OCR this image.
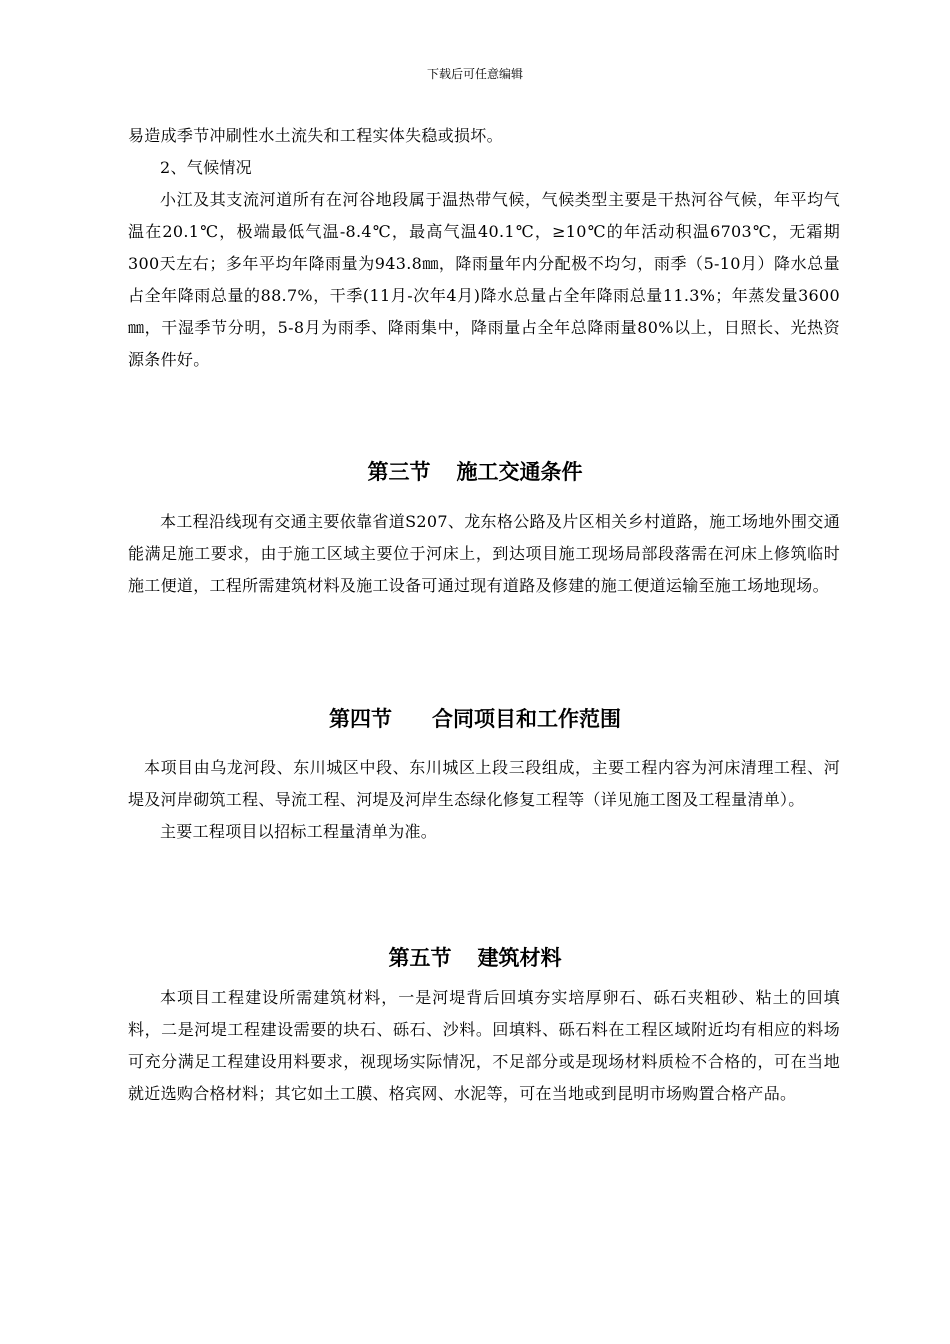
下载后可任意编辑

易造成季节冲刷性水土流失和工程实体失稳或损坏。

2、气候情况

小江及其支流河道所有在河谷地段属于温热带气候，气候类型主要是干热河谷气候，年平均气温在20.1℃，极端最低气温-8.4℃，最高气温40.1℃，≥10℃的年活动积温6703℃，无霜期300天左右；多年平均年降雨量为943.8㎜，降雨量年内分配极不均匀，雨季（5-10月）降水总量占全年降雨总量的88.7%，干季(11月-次年4月)降水总量占全年降雨总量11.3%；年蒸发量3600㎜，干湿季节分明，5-8月为雨季、降雨集中，降雨量占全年总降雨量80%以上，日照长、光热资源条件好。

第三节 施工交通条件

本工程沿线现有交通主要依靠省道S207、龙东格公路及片区相关乡村道路，施工场地外围交通能满足施工要求，由于施工区域主要位于河床上，到达项目施工现场局部段落需在河床上修筑临时施工便道，工程所需建筑材料及施工设备可通过现有道路及修建的施工便道运输至施工场地现场。

第四节 合同项目和工作范围

本项目由乌龙河段、东川城区中段、东川城区上段三段组成，主要工程内容为河床清理工程、河堤及河岸砌筑工程、导流工程、河堤及河岸生态绿化修复工程等（详见施工图及工程量清单）。

主要工程项目以招标工程量清单为准。

第五节 建筑材料

本项目工程建设所需建筑材料，一是河堤背后回填夯实培厚卵石、砾石夹粗砂、粘土的回填料，二是河堤工程建设需要的块石、砾石、沙料。回填料、砾石料在工程区域附近均有相应的料场可充分满足工程建设用料要求，视现场实际情况，不足部分或是现场材料质检不合格的，可在当地就近选购合格材料；其它如土工膜、格宾网、水泥等，可在当地或到昆明市场购置合格产品。
